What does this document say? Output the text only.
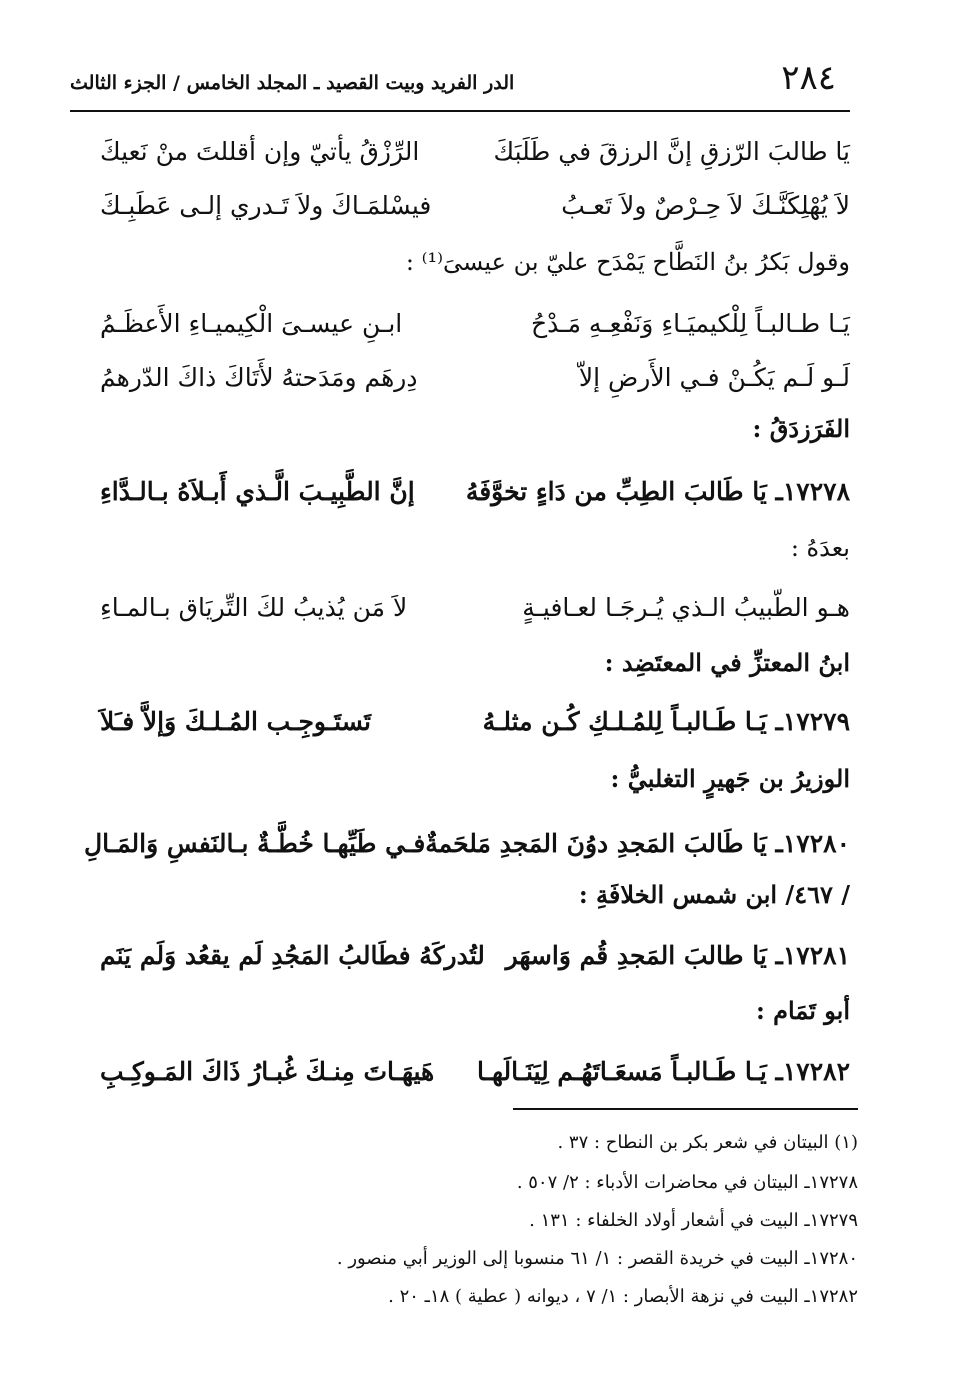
٢٨٤
الدر الفريد وبيت القصيد ـ المجلد الخامس / الجزء الثالث
يَا طالبَ الرّزقِ إنَّ الرزقَ في طَلَبَكَ
الرِّزْقُ يأتيّ وإن أقللتَ منْ نَعيكَ
لاَ يُهْلِكَنَّـكَ لاَ حِـرْصٌ ولاَ تَعـبُ
فيسْلمَـاكَ ولاَ تَـدري إلـى عَطَبِـكَ
وقول بَكرُ بنُ النَطَّاح يَمْدَح عليّ بن عيسىَ⁽¹⁾ :
يَـا طـالبـاً لِلْكيميَـاءِ وَنَفْعِـهِ مَـدْحُ
ابـنِ عيسـىَ الْكِيميـاءِ الأَعظَـمُ
لَـو لَـم يَكُـنْ فـي الأَرضِ إلاّ
دِرهَم ومَدَحتهُ لأَتَاكَ ذاكَ الدّرهمُ
الفَرَزدَقُ :
١٧٢٧٨ـ يَا طَالبَ الطِبِّ من دَاءٍ تخوَّفَهُ
إنَّ الطَّبِيـبَ الَّـذي أَبـلاَهُ بـالـدَّاءِ
بعدَهُ :
هـو الطّبيبُ الـذي يُـرجَـا لعـافيـةٍ
لاَ مَن يُذيبُ لكَ التِّريَاق بـالمـاءِ
ابنُ المعتزِّ في المعتَضِد :
١٧٢٧٩ـ يَـا طَـالبـاً لِلمُـلـكِ كُـن مثلـهُ
تَستَـوجِـب المُـلـكَ وَإلاَّ فـَلاَ
الوزيرُ بن جَهيرٍ التغلبيُّ :
١٧٢٨٠ـ يَا طَالبَ المَجدِ دوُنَ المَجدِ مَلحَمةٌ
فـي طَيِّهـا خُطَّـةٌ بـالنَفسِ وَالمَـالِ
/ ٤٦٧/ ابن شمس الخلافَةِ :
١٧٢٨١ـ يَا طالبَ المَجدِ قُم وَاسهَر
لتُدركَهُ فطَالبُ المَجُدِ لَم يقعُد وَلَم يَنَم
أبو تَمَام :
١٧٢٨٢ـ يَـا طَـالبـاً مَسعَـاتَهُـم لِيَنَـالَهـا
هَيهَـاتَ مِنـكَ غُبـارُ ذَاكَ المَـوكِـبِ
(١) البيتان في شعر بكر بن النطاح : ٣٧ .
١٧٢٧٨ـ البيتان في محاضرات الأدباء : ٢/ ٥٠٧ .
١٧٢٧٩ـ البيت في أشعار أولاد الخلفاء : ١٣١ .
١٧٢٨٠ـ البيت في خريدة القصر : ١/ ٦١ منسوبا إلى الوزير أبي منصور .
١٧٢٨٢ـ البيت في نزهة الأبصار : ١/ ٧ ، ديوانه ( عطية ) ١٨ـ ٢٠ .
